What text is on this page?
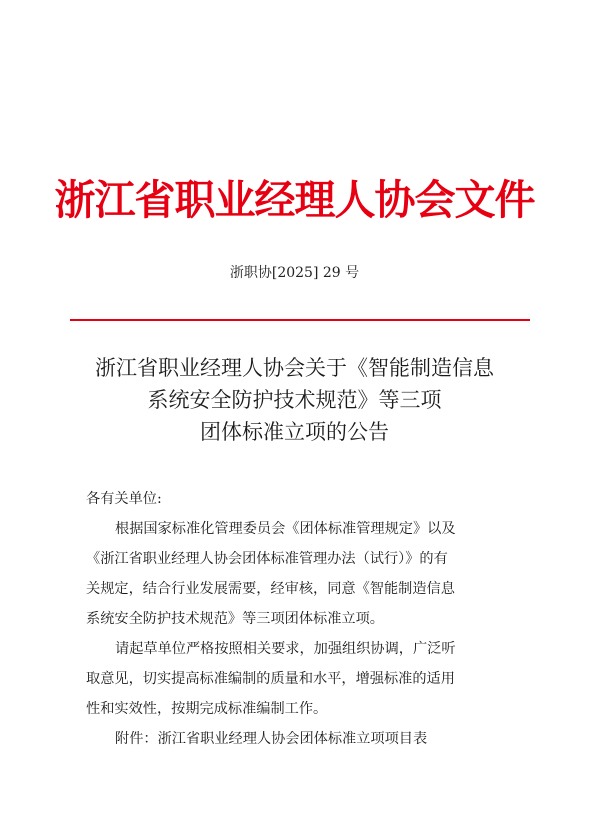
浙江省职业经理人协会文件
浙职协[2025] 29 号
浙江省职业经理人协会关于《智能制造信息
系统安全防护技术规范》等三项
团体标准立项的公告
各有关单位:
根据国家标准化管理委员会《团体标准管理规定》以及
《浙江省职业经理人协会团体标准管理办法（试行）》的有
关规定，结合行业发展需要，经审核，同意《智能制造信息
系统安全防护技术规范》等三项团体标准立项。
请起草单位严格按照相关要求，加强组织协调，广泛听
取意见，切实提高标准编制的质量和水平，增强标准的适用
性和实效性，按期完成标准编制工作。
附件：浙江省职业经理人协会团体标准立项项目表
